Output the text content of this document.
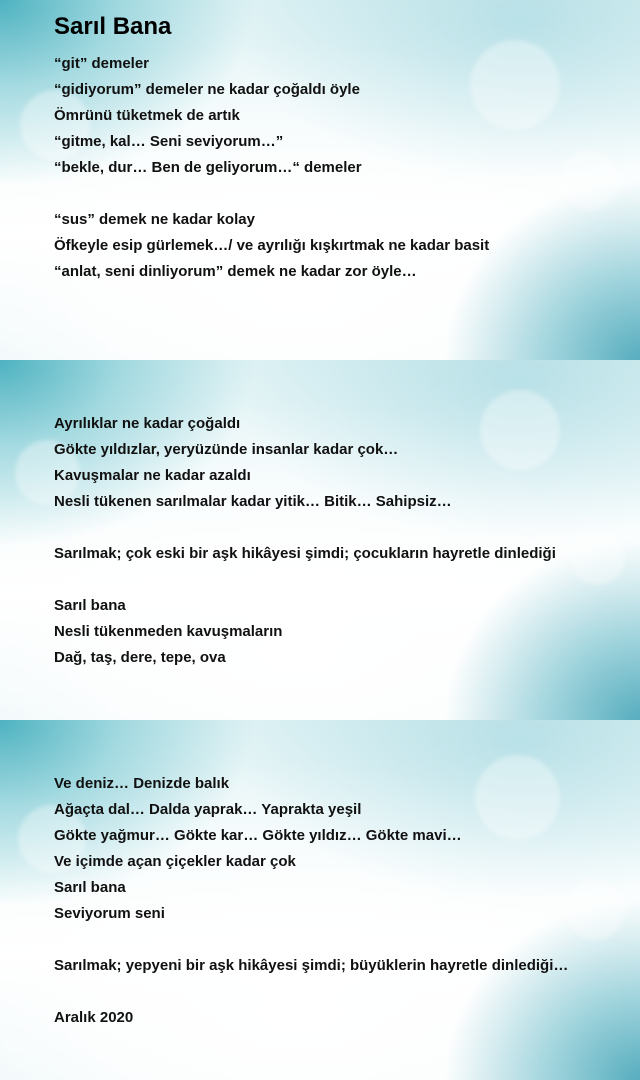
Sarıl Bana
“git” demeler
“gidiyorum” demeler ne kadar çoğaldı öyle
Ömrünü tüketmek de artık
“gitme, kal… Seni seviyorum…”
“bekle, dur… Ben de geliyorum…“ demeler
“sus” demek ne kadar kolay
Öfkeyle esip gürlemek…/ ve ayrılığı kışkırtmak ne kadar basit
“anlat, seni dinliyorum” demek ne kadar zor öyle…
Ayrılıklar ne kadar çoğaldı
Gökte yıldızlar, yeryüzünde insanlar kadar çok…
Kavuşmalar ne kadar azaldı
Nesli tükenen sarılmalar kadar yitik… Bitik… Sahipsiz…
Sarılmak; çok eski bir aşk hikâyesi şimdi; çocukların hayretle dinlediği
Sarıl bana
Nesli tükenmeden kavuşmaların
Dağ, taş, dere, tepe, ova
Ve deniz… Denizde balık
Ağaçta dal… Dalda yaprak… Yaprakta yeşil
Gökte yağmur… Gökte kar… Gökte yıldız… Gökte mavi…
Ve içimde açan çiçekler kadar çok
Sarıl bana
Seviyorum seni
Sarılmak; yepyeni bir aşk hikâyesi şimdi; büyüklerin hayretle dinlediği…
Aralık 2020
